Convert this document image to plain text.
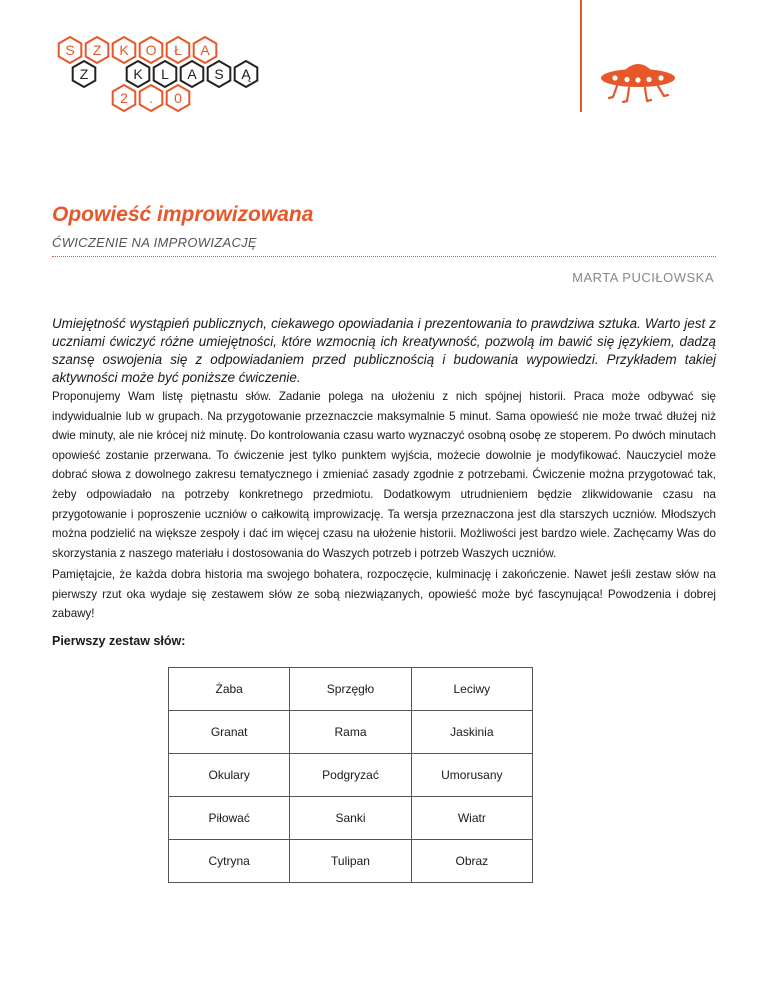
S Z K O Ł A
Z	K L A S Ą
2 . 0
Opowieść improwizowana

ĆWICZENIE NA IMPROWIZACJĘ

MARTA PUCIŁOWSKA

Umiejętność wystąpień publicznych, ciekawego opowiadania i prezentowania to prawdziwa sztuka. Warto jest z uczniami ćwiczyć różne umiejętności, które wzmocnią ich kreatywność, pozwolą im bawić się językiem, dadzą szansę oswojenia się z odpowiadaniem przed publicznością i budowania wypowiedzi. Przykładem takiej aktywności może być poniższe ćwiczenie.

Proponujemy Wam listę piętnastu słów. Zadanie polega na ułożeniu z nich spójnej historii. Praca może odbywać się indywidualnie lub w grupach. Na przygotowanie przeznaczcie maksymalnie 5 minut. Sama opowieść nie może trwać dłużej niż dwie minuty, ale nie krócej niż minutę. Do kontrolowania czasu warto wyznaczyć osobną osobę ze stoperem. Po dwóch minutach opowieść zostanie przerwana. To ćwiczenie jest tylko punktem wyjścia, możecie dowolnie je modyfikować. Nauczyciel może dobrać słowa z dowolnego zakresu tematycznego i zmieniać zasady zgodnie z potrzebami. Ćwiczenie można przygotować tak, żeby odpowiadało na potrzeby konkretnego przedmiotu. Dodatkowym utrudnieniem będzie zlikwidowanie czasu na przygotowanie i poproszenie uczniów o całkowitą improwizację. Ta wersja przeznaczona jest dla starszych uczniów. Młodszych można podzielić na większe zespoły i dać im więcej czasu na ułożenie historii. Możliwości jest bardzo wiele. Zachęcamy Was do skorzystania z naszego materiału i dostosowania do Waszych potrzeb i potrzeb Waszych uczniów.

Pamiętajcie, że każda dobra historia ma swojego bohatera, rozpoczęcie, kulminację i zakończenie. Nawet jeśli zestaw słów na pierwszy rzut oka wydaje się zestawem słów ze sobą niezwiązanych, opowieść może być fascynująca! Powodzenia i dobrej zabawy!

Pierwszy zestaw słów:

Żaba	Sprzęgło	Leciwy
Granat	Rama	Jaskinia
Okulary	Podgryzać	Umorusany
Piłować	Sanki	Wiatr
Cytryna	Tulipan	Obraz
